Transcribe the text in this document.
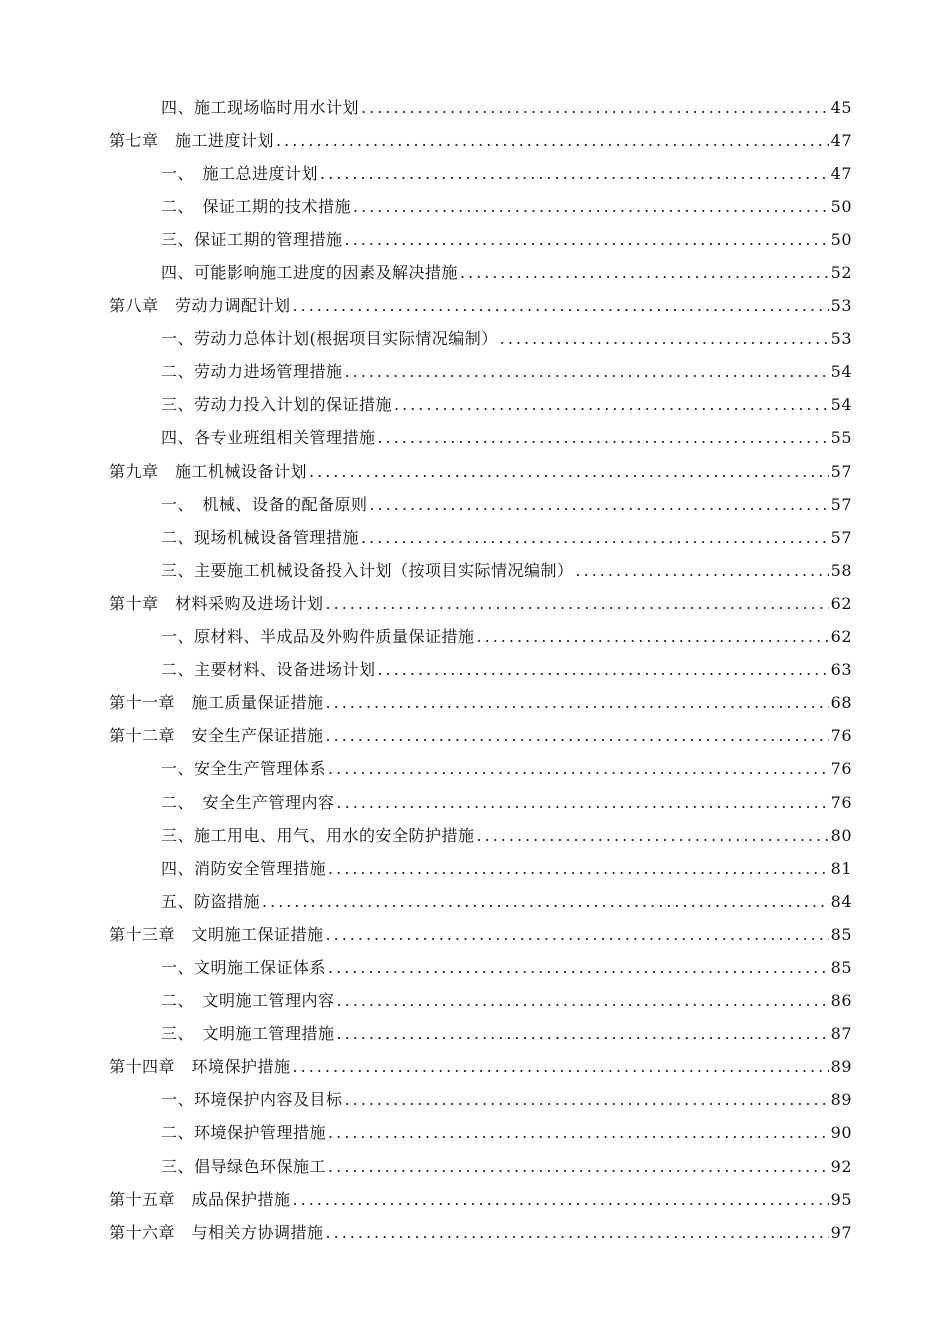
四、施工现场临时用水计划 .....	45
第七章　施工进度计划 .....	47
一、　施工总进度计划 .....	47
二、　保证工期的技术措施 .....	50
三、保证工期的管理措施 .....	50
四、可能影响施工进度的因素及解决措施 .....	52
第八章　劳动力调配计划 .....	53
一、劳动力总体计划(根据项目实际情况编制） .....	53
二、劳动力进场管理措施 .....	54
三、劳动力投入计划的保证措施 .....	54
四、各专业班组相关管理措施 .....	55
第九章　施工机械设备计划 .....	57
一、　机械、设备的配备原则 .....	57
二、现场机械设备管理措施 .....	57
三、主要施工机械设备投入计划（按项目实际情况编制） .....	58
第十章　材料采购及进场计划 .....	62
一、原材料、半成品及外购件质量保证措施 .....	62
二、主要材料、设备进场计划 .....	63
第十一章　施工质量保证措施 .....	68
第十二章　安全生产保证措施 .....	76
一、安全生产管理体系 .....	76
二、　安全生产管理内容 .....	76
三、施工用电、用气、用水的安全防护措施 .....	80
四、消防安全管理措施 .....	81
五、防盗措施 .....	84
第十三章　文明施工保证措施 .....	85
一、文明施工保证体系 .....	85
二、　文明施工管理内容 .....	86
三、　文明施工管理措施 .....	87
第十四章　环境保护措施 .....	89
一、环境保护内容及目标 .....	89
二、环境保护管理措施 .....	90
三、倡导绿色环保施工 .....	92
第十五章　成品保护措施 .....	95
第十六章　与相关方协调措施 .....	97
